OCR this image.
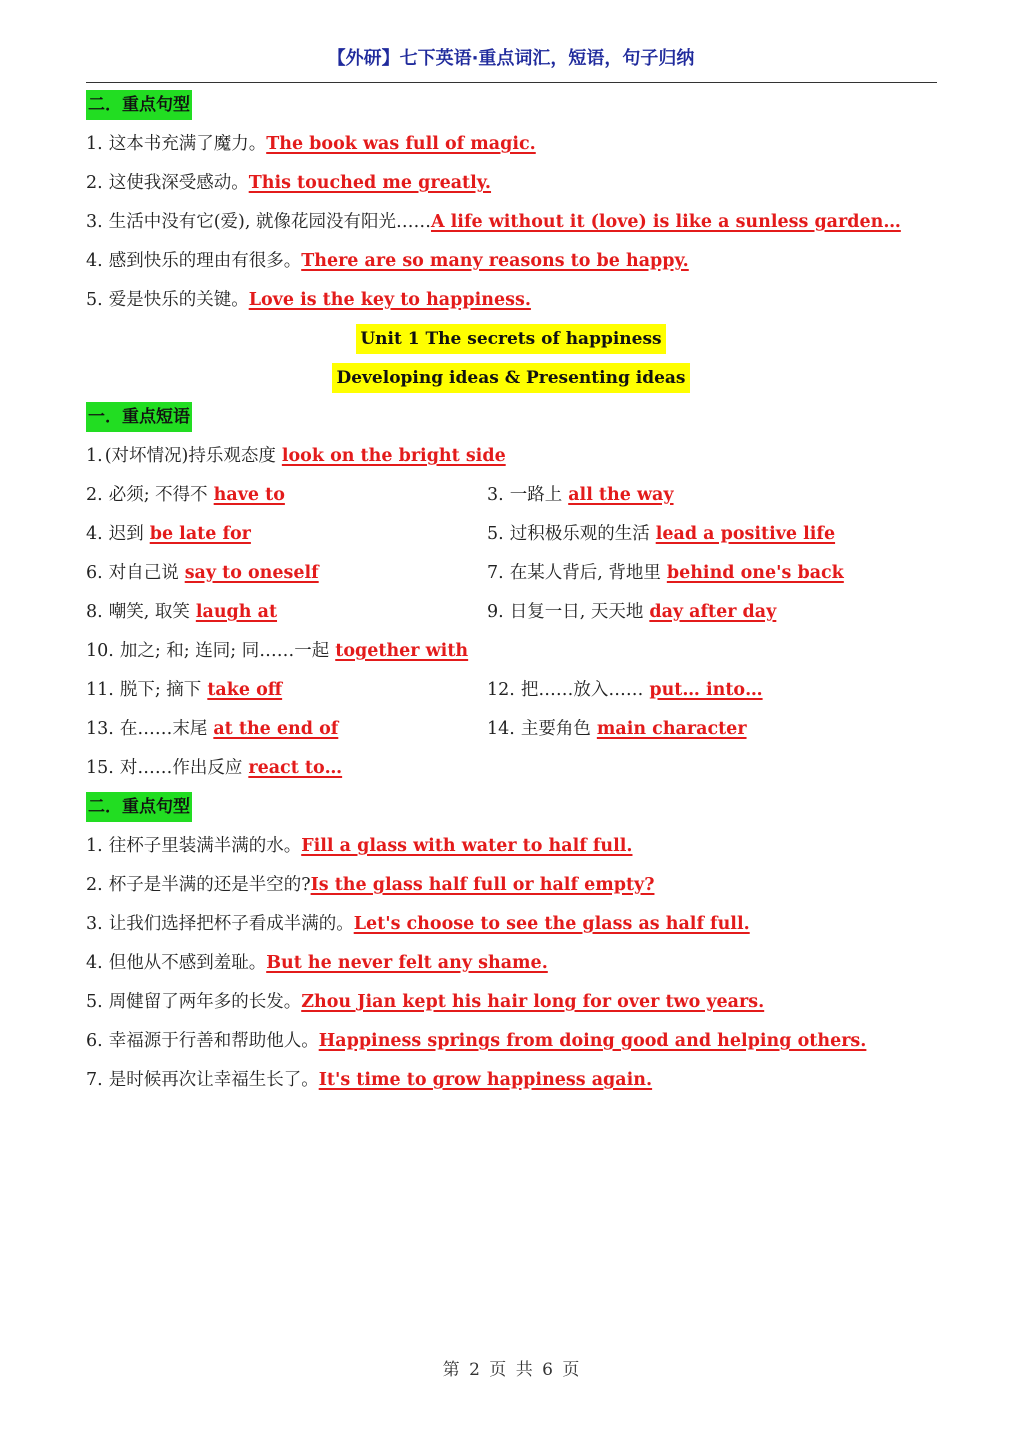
【外研】七下英语·重点词汇，短语，句子归纳
二．重点句型
1. 这本书充满了魔力。The book was full of magic.
2. 这使我深受感动。This touched me greatly.
3. 生活中没有它(爱), 就像花园没有阳光……A life without it (love) is like a sunless garden…
4. 感到快乐的理由有很多。There are so many reasons to be happy.
5. 爱是快乐的关键。Love is the key to happiness.
Unit 1 The secrets of happiness
Developing ideas & Presenting ideas
一．重点短语
1. (对坏情况)持乐观态度 look on the bright side
2. 必须; 不得不 have to	3. 一路上 all the way
4. 迟到 be late for	5. 过积极乐观的生活 lead a positive life
6. 对自己说 say to oneself	7. 在某人背后, 背地里 behind one's back
8. 嘲笑, 取笑 laugh at	9. 日复一日, 天天地 day after day
10. 加之; 和; 连同; 同……一起 together with
11. 脱下; 摘下 take off	12. 把……放入…… put… into…
13. 在……末尾 at the end of	14. 主要角色 main character
15. 对……作出反应 react to…
二．重点句型
1. 往杯子里装满半满的水。Fill a glass with water to half full.
2. 杯子是半满的还是半空的?Is the glass half full or half empty?
3. 让我们选择把杯子看成半满的。Let's choose to see the glass as half full.
4. 但他从不感到羞耻。But he never felt any shame.
5. 周健留了两年多的长发。Zhou Jian kept his hair long for over two years.
6. 幸福源于行善和帮助他人。Happiness springs from doing good and helping others.
7. 是时候再次让幸福生长了。It's time to grow happiness again.
第 2 页 共 6 页
